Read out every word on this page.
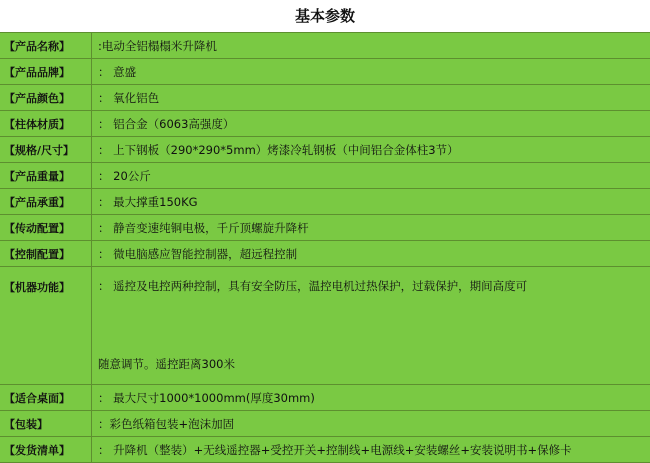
基本参数
【产品名称】	:电动全铝榻榻米升降机
【产品品牌】	： 意盛
【产品颜色】	： 氧化铝色
【柱体材质】	： 铝合金（6063高强度）
【规格/尺寸】	： 上下钢板（290*290*5mm）烤漆冷轧钢板（中间铝合金体柱3节）
【产品重量】	： 20公斤
【产品承重】	： 最大撑重150KG
【传动配置】	： 静音变速纯铜电极，千斤顶螺旋升降杆
【控制配置】	： 微电脑感应智能控制器，超远程控制
【机器功能】	： 遥控及电控两种控制，具有安全防压，温控电机过热保护，过载保护，期间高度可
随意调节。遥控距离300米
【适合桌面】	： 最大尺寸1000*1000mm(厚度30mm)
【包装】	：彩色纸箱包装+泡沫加固
【发货清单】	： 升降机（整装）+无线遥控器+受控开关+控制线+电源线+安装螺丝+安装说明书+保修卡
